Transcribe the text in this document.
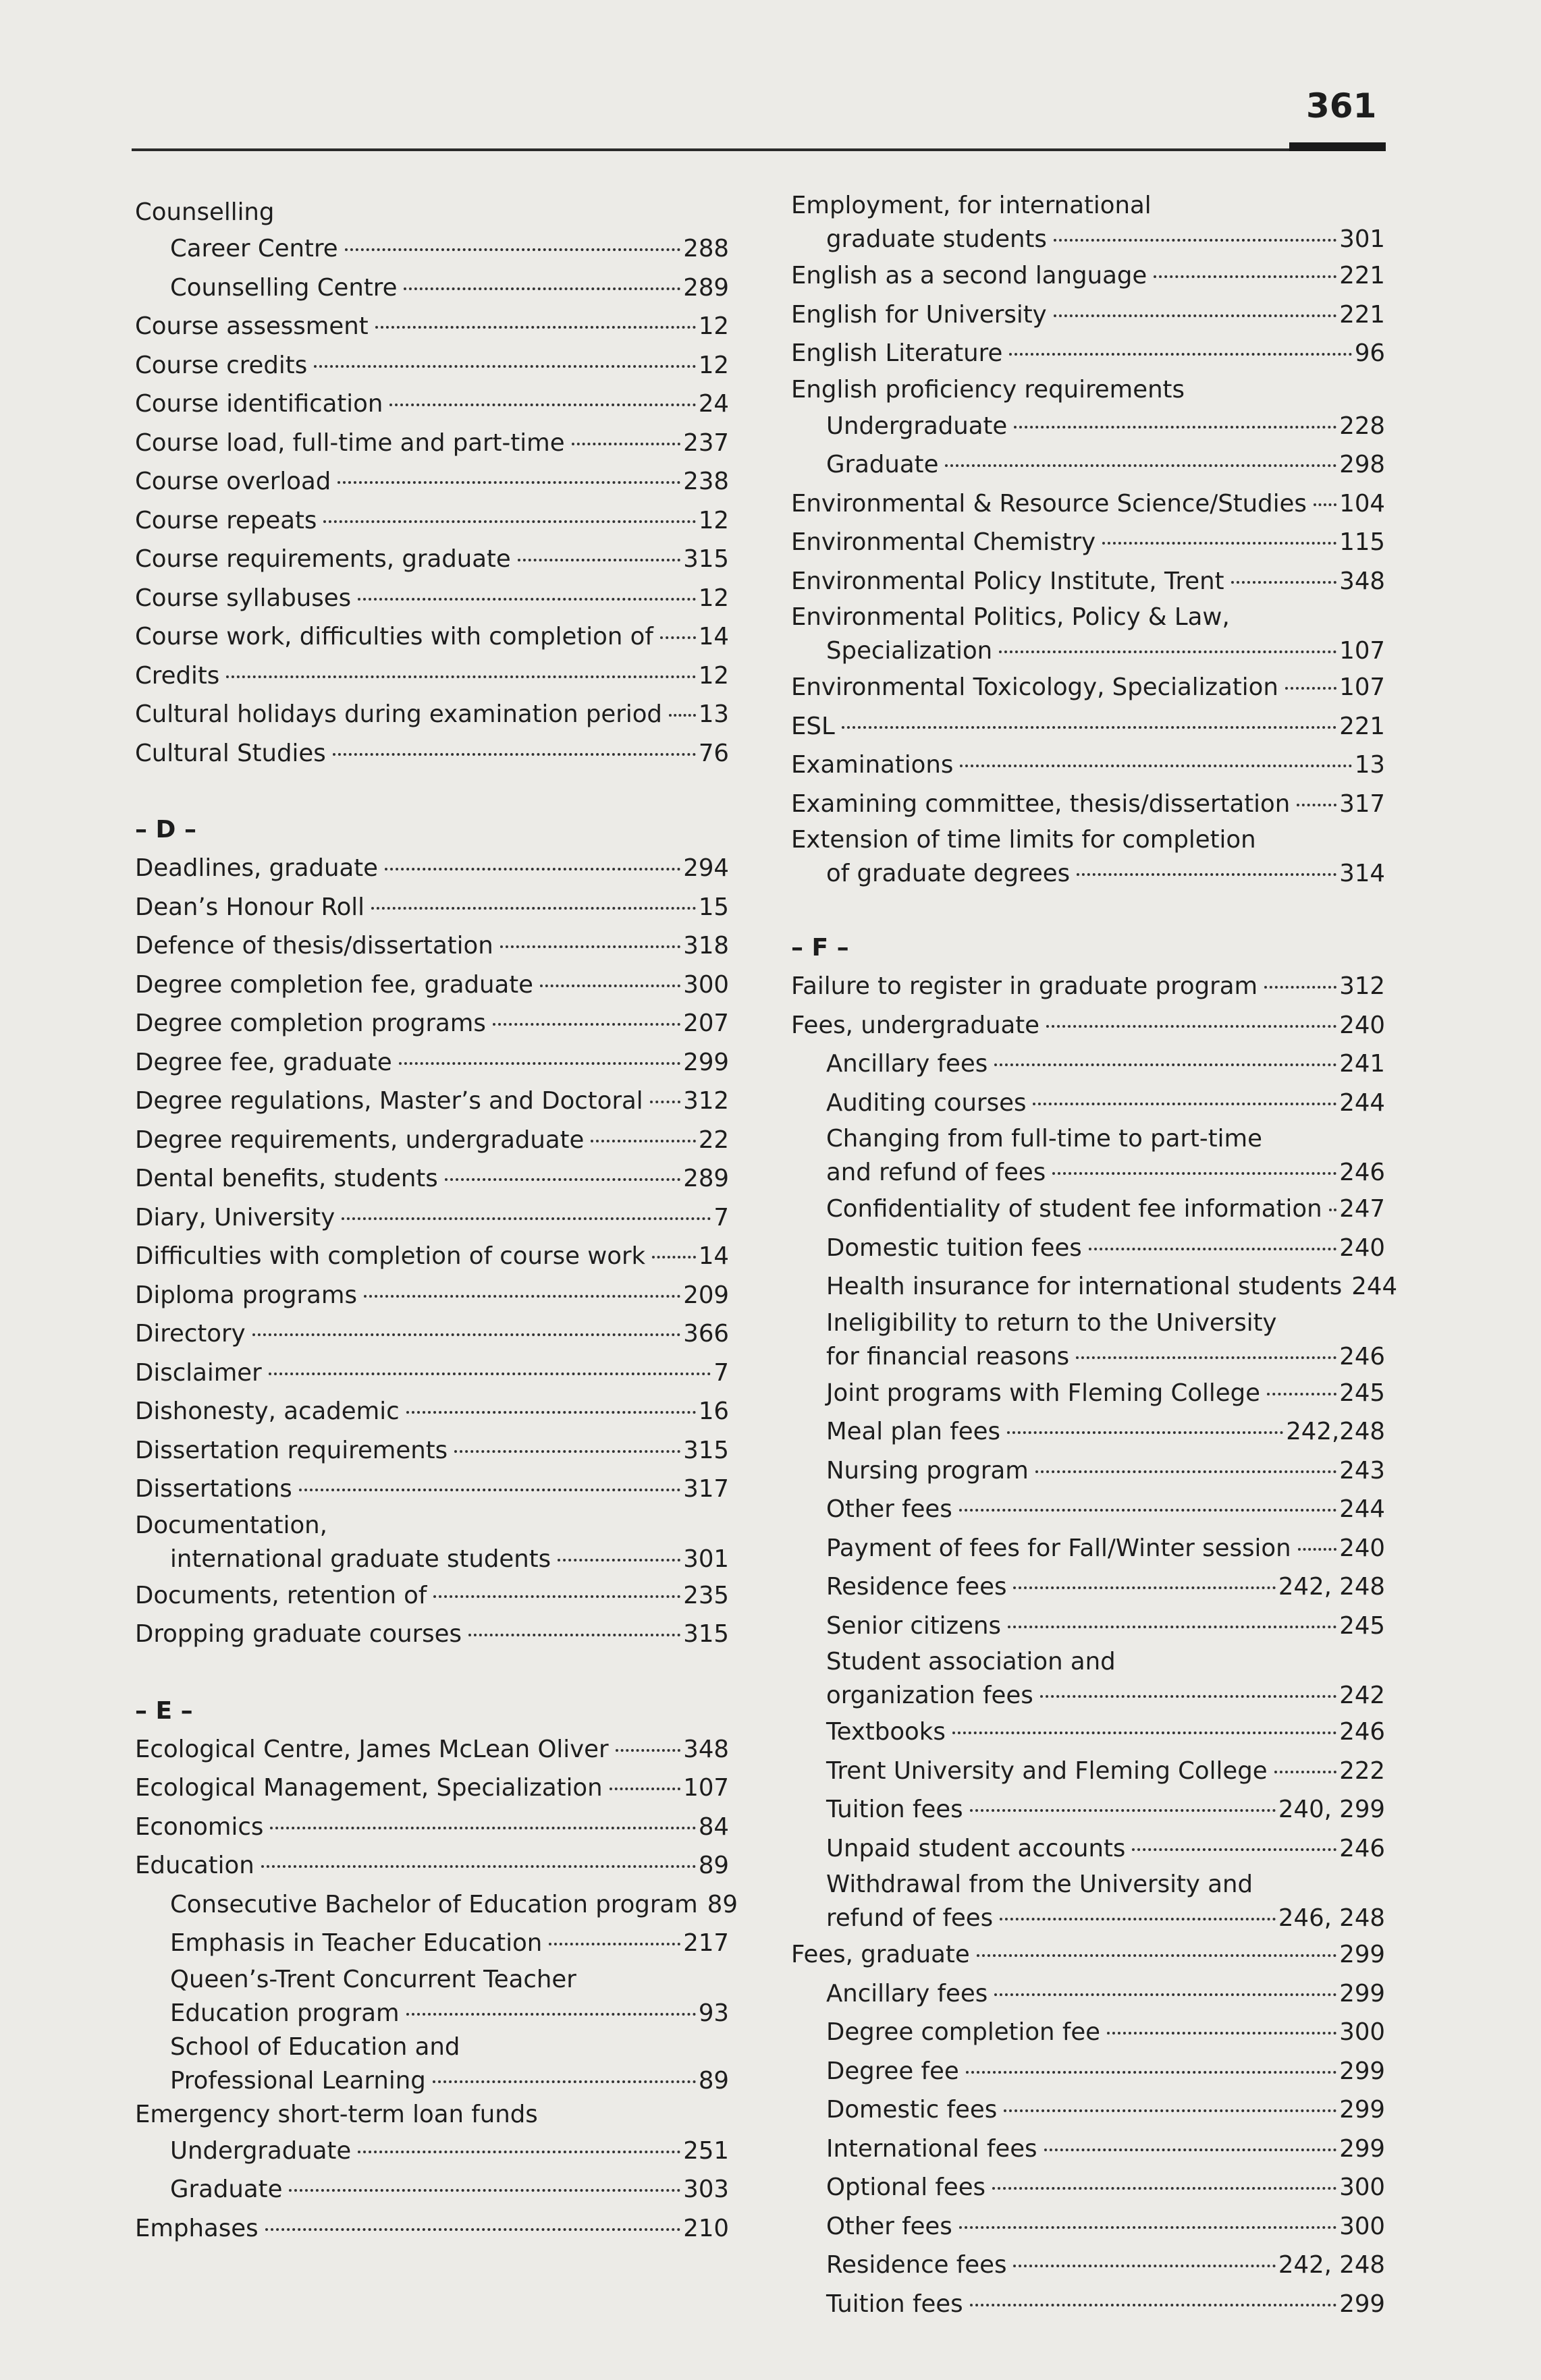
361
Counselling
Career Centre	288
Counselling Centre	289
Course assessment	12
Course credits	12
Course identification	24
Course load, full-time and part-time	237
Course overload	238
Course repeats	12
Course requirements, graduate	315
Course syllabuses	12
Course work, difficulties with completion of 14
Credits	12
Cultural holidays during examination period 13
Cultural Studies	76
– D –
Deadlines, graduate	294
Dean’s Honour Roll	15
Defence of thesis/dissertation	318
Degree completion fee, graduate	300
Degree completion programs	207
Degree fee, graduate	299
Degree regulations, Master’s and Doctoral 312
Degree requirements, undergraduate	22
Dental benefits, students	289
Diary, University	7
Difficulties with completion of course work 14
Diploma programs	209
Directory	366
Disclaimer	7
Dishonesty, academic	16
Dissertation requirements	315
Dissertations	317
Documentation,
international graduate students	301
Documents, retention of	235
Dropping graduate courses	315
– E –
Ecological Centre, James McLean Oliver	348
Ecological Management, Specialization	107
Economics	84
Education	89
Consecutive Bachelor of Education program 89
Emphasis in Teacher Education	217
Queen’s-Trent Concurrent Teacher
Education program	93
School of Education and
Professional Learning	89
Emergency short-term loan funds
Undergraduate	251
Graduate	303
Emphases	210
Employment, for international
graduate students	301
English as a second language	221
English for University	221
English Literature	96
English proficiency requirements
Undergraduate	228
Graduate	298
Environmental & Resource Science/Studies 104
Environmental Chemistry	115
Environmental Policy Institute, Trent	348
Environmental Politics, Policy & Law,
Specialization	107
Environmental Toxicology, Specialization	107
ESL	221
Examinations	13
Examining committee, thesis/dissertation 317
Extension of time limits for completion
of graduate degrees	314
– F –
Failure to register in graduate program	312
Fees, undergraduate	240
Ancillary fees	241
Auditing courses	244
Changing from full-time to part-time
and refund of fees	246
Confidentiality of student fee information 247
Domestic tuition fees	240
Health insurance for international students 244
Ineligibility to return to the University
for financial reasons	246
Joint programs with Fleming College	245
Meal plan fees	242,248
Nursing program	243
Other fees	244
Payment of fees for Fall/Winter session 240
Residence fees	242, 248
Senior citizens	245
Student association and
organization fees	242
Textbooks	246
Trent University and Fleming College	222
Tuition fees	240, 299
Unpaid student accounts	246
Withdrawal from the University and
refund of fees	246, 248
Fees, graduate	299
Ancillary fees	299
Degree completion fee	300
Degree fee	299
Domestic fees	299
International fees	299
Optional fees	300
Other fees	300
Residence fees	242, 248
Tuition fees	299
